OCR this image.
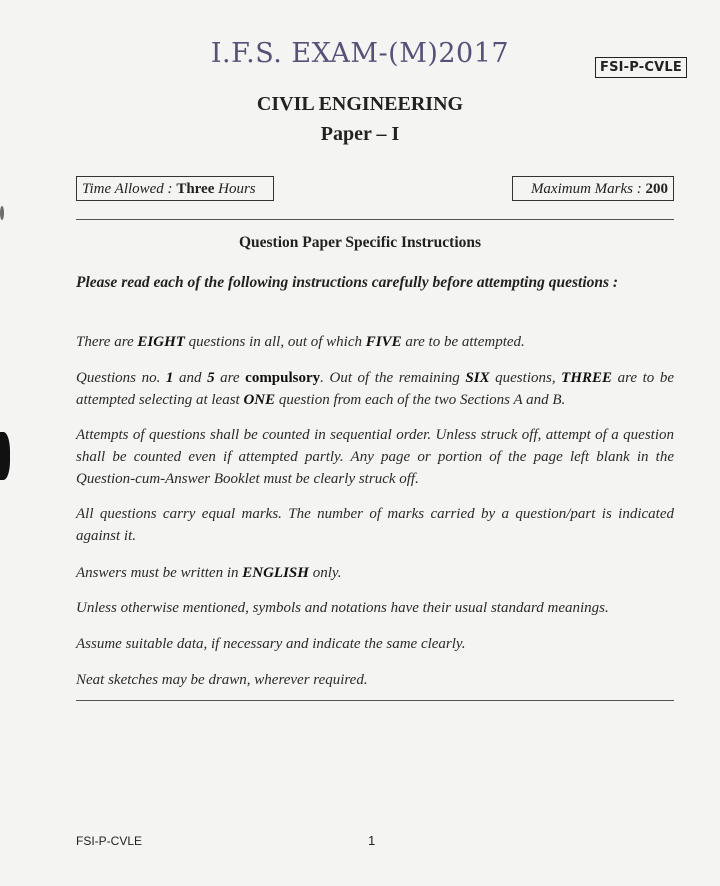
I.F.S. EXAM-(M)2017	FSI-P-CVLE
CIVIL ENGINEERING
Paper – I
Time Allowed : Three Hours	Maximum Marks : 200
Question Paper Specific Instructions
Please read each of the following instructions carefully before attempting questions :
There are EIGHT questions in all, out of which FIVE are to be attempted.
Questions no. 1 and 5 are compulsory. Out of the remaining SIX questions, THREE are to be attempted selecting at least ONE question from each of the two Sections A and B.
Attempts of questions shall be counted in sequential order. Unless struck off, attempt of a question shall be counted even if attempted partly. Any page or portion of the page left blank in the Question-cum-Answer Booklet must be clearly struck off.
All questions carry equal marks. The number of marks carried by a question/part is indicated against it.
Answers must be written in ENGLISH only.
Unless otherwise mentioned, symbols and notations have their usual standard meanings.
Assume suitable data, if necessary and indicate the same clearly.
Neat sketches may be drawn, wherever required.
FSI-P-CVLE	1
